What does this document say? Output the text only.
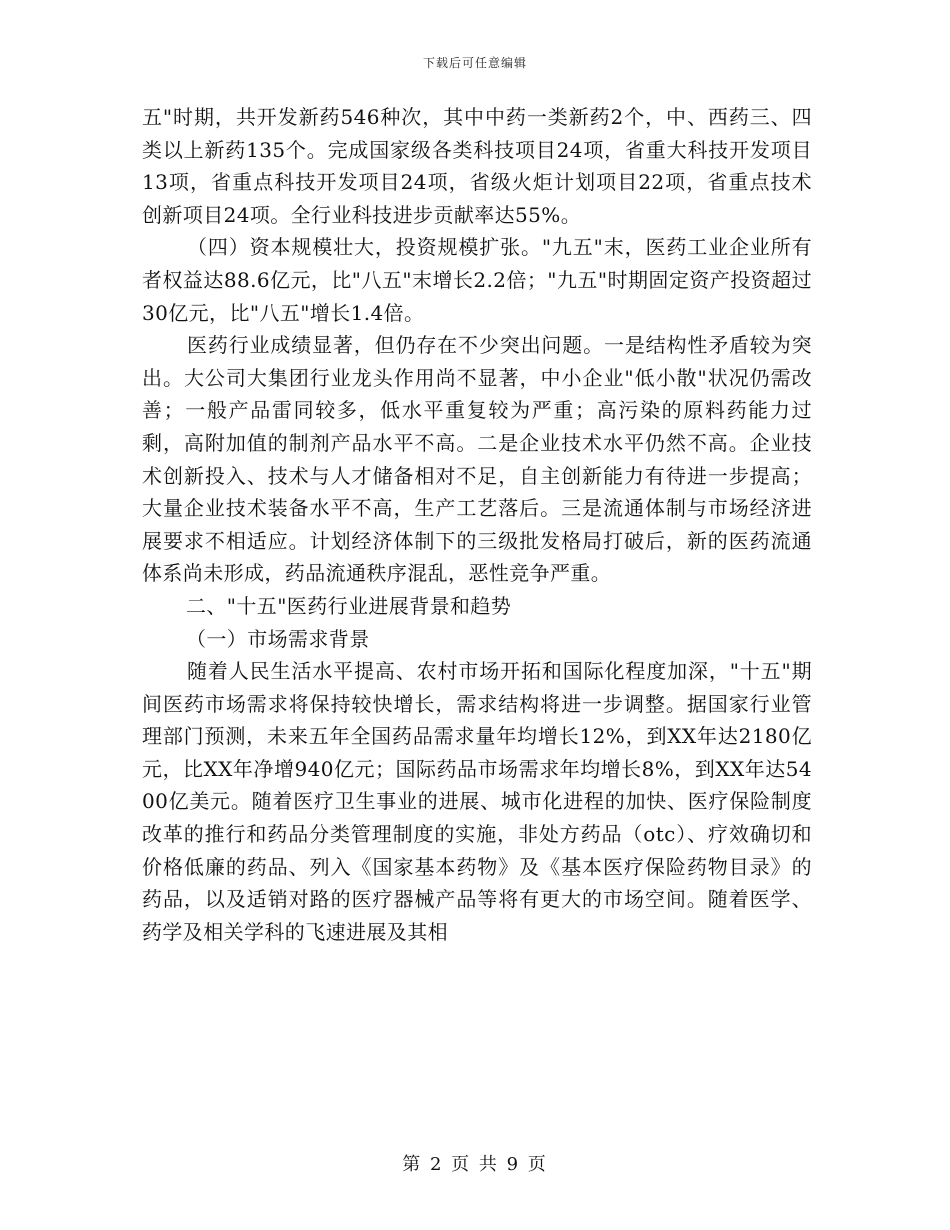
下载后可任意编辑

五"时期，共开发新药546种次，其中中药一类新药2个，中、西药三、四类以上新药135个。完成国家级各类科技项目24项，省重大科技开发项目13项，省重点科技开发项目24项，省级火炬计划项目22项，省重点技术创新项目24项。全行业科技进步贡献率达55%。

（四）资本规模壮大，投资规模扩张。"九五"末，医药工业企业所有者权益达88.6亿元，比"八五"末增长2.2倍；"九五"时期固定资产投资超过30亿元，比"八五"增长1.4倍。

医药行业成绩显著，但仍存在不少突出问题。一是结构性矛盾较为突出。大公司大集团行业龙头作用尚不显著，中小企业"低小散"状况仍需改善；一般产品雷同较多，低水平重复较为严重；高污染的原料药能力过剩，高附加值的制剂产品水平不高。二是企业技术水平仍然不高。企业技术创新投入、技术与人才储备相对不足，自主创新能力有待进一步提高；大量企业技术装备水平不高，生产工艺落后。三是流通体制与市场经济进展要求不相适应。计划经济体制下的三级批发格局打破后，新的医药流通体系尚未形成，药品流通秩序混乱，恶性竞争严重。

二、"十五"医药行业进展背景和趋势

（一）市场需求背景

随着人民生活水平提高、农村市场开拓和国际化程度加深，"十五"期间医药市场需求将保持较快增长，需求结构将进一步调整。据国家行业管理部门预测，未来五年全国药品需求量年均增长12%，到XX年达2180亿元，比XX年净增940亿元；国际药品市场需求年均增长8%，到XX年达5400亿美元。随着医疗卫生事业的进展、城市化进程的加快、医疗保险制度改革的推行和药品分类管理制度的实施，非处方药品（otc）、疗效确切和价格低廉的药品、列入《国家基本药物》及《基本医疗保险药物目录》的药品，以及适销对路的医疗器械产品等将有更大的市场空间。随着医学、药学及相关学科的飞速进展及其相

第 2 页 共 9 页
